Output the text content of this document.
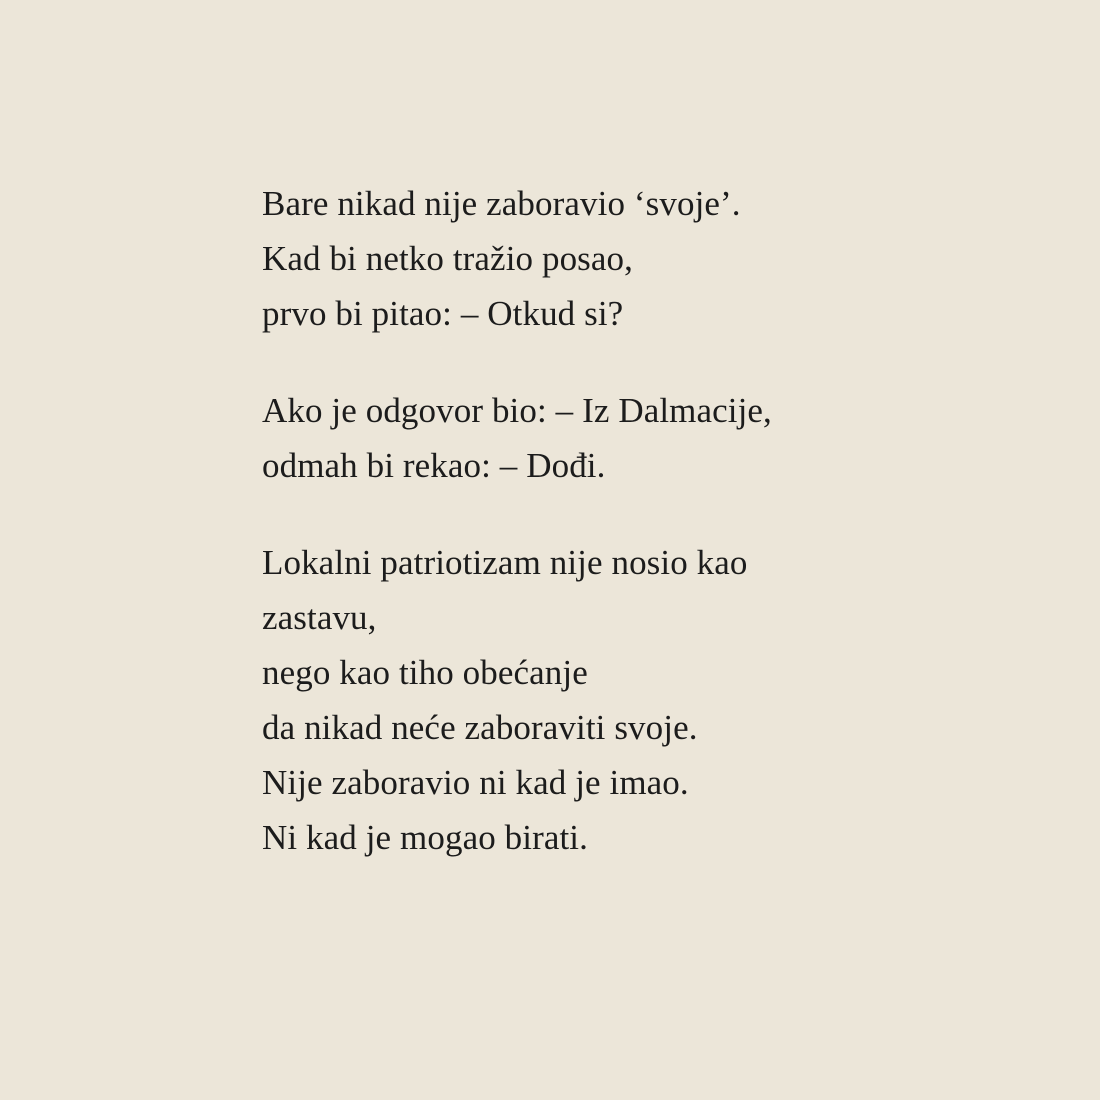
Bare nikad nije zaboravio ‘svoje’.
Kad bi netko tražio posao,
prvo bi pitao: – Otkud si?
Ako je odgovor bio: – Iz Dalmacije,
odmah bi rekao: – Dođi.
Lokalni patriotizam nije nosio kao
zastavu,
nego kao tiho obećanje
da nikad neće zaboraviti svoje.
Nije zaboravio ni kad je imao.
Ni kad je mogao birati.
